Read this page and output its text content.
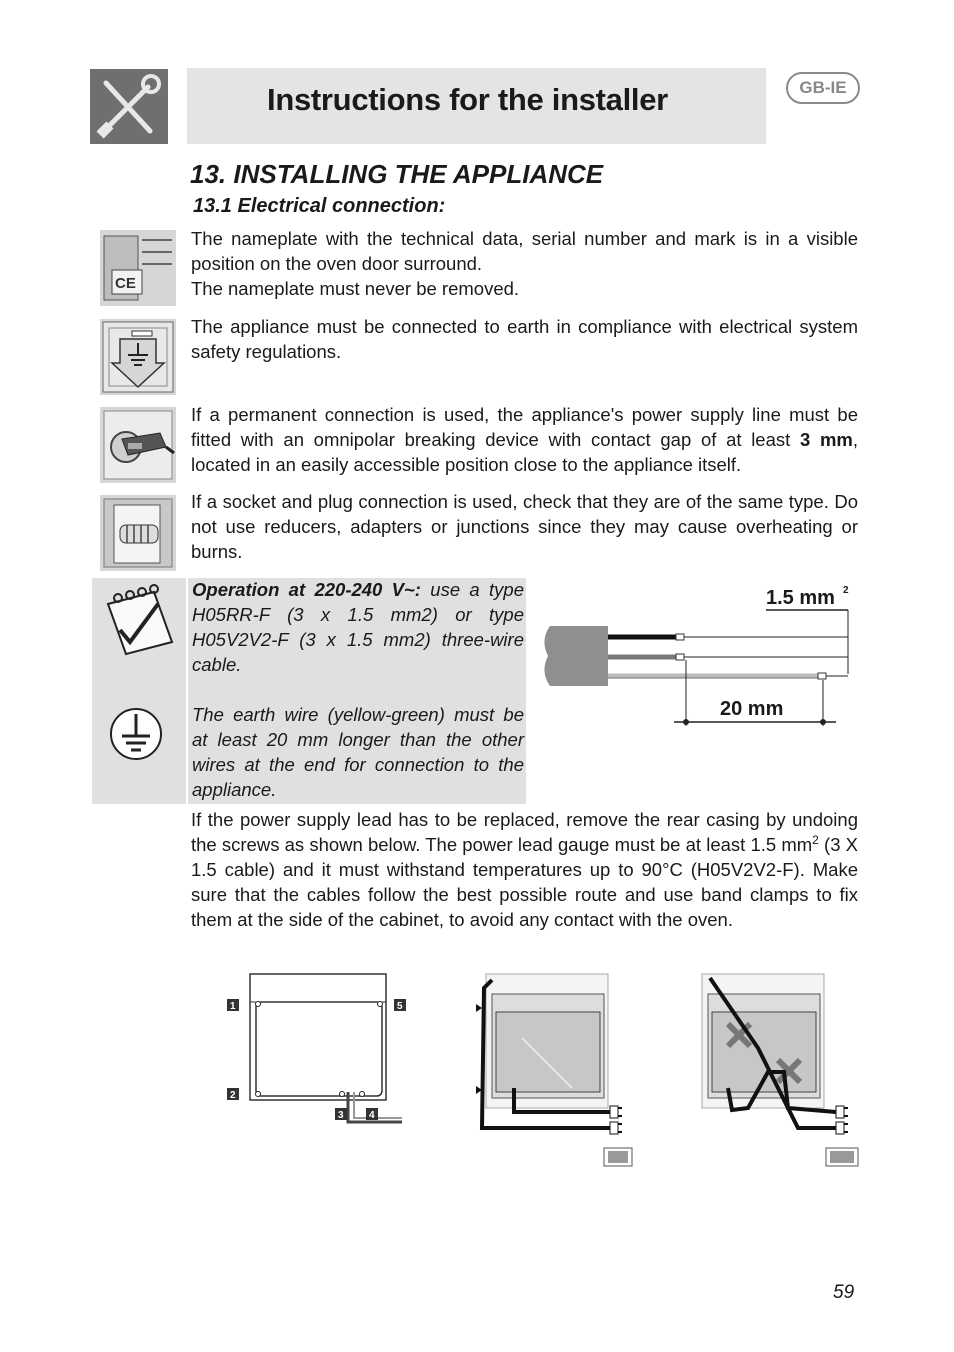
Instructions for the installer	GB-IE
13. INSTALLING THE APPLIANCE
13.1 Electrical connection:
CE
The nameplate with the technical data, serial number and mark is in a visible position on the oven door surround.
The nameplate must never be removed.
The appliance must be connected to earth in compliance with electrical system safety regulations.
If a permanent connection is used, the appliance's power supply line must be fitted with an omnipolar breaking device with contact gap of at least 3 mm, located in an easily accessible position close to the appliance itself.
If a socket and plug connection is used, check that they are of the same type. Do not use reducers, adapters or junctions since they may cause overheating or burns.
Operation at 220-240 V~: use a type H05RR-F (3 x 1.5 mm2) or type H05V2V2-F (3 x 1.5 mm2) three-wire cable.
The earth wire (yellow-green) must be at least 20 mm longer than the other wires at the end for connection to the appliance.
1.5 mm 2
20 mm
If the power supply lead has to be replaced, remove the rear casing by undoing the screws as shown below. The power lead gauge must be at least 1.5 $mm^2$ (3 X 1.5 cable) and it must withstand temperatures up to 90°C (H05V2V2-F). Make sure that the cables follow the best possible route and use band clamps to fix them at the side of the cabinet, to avoid any contact with the oven.
1
2
3	4
5
59
